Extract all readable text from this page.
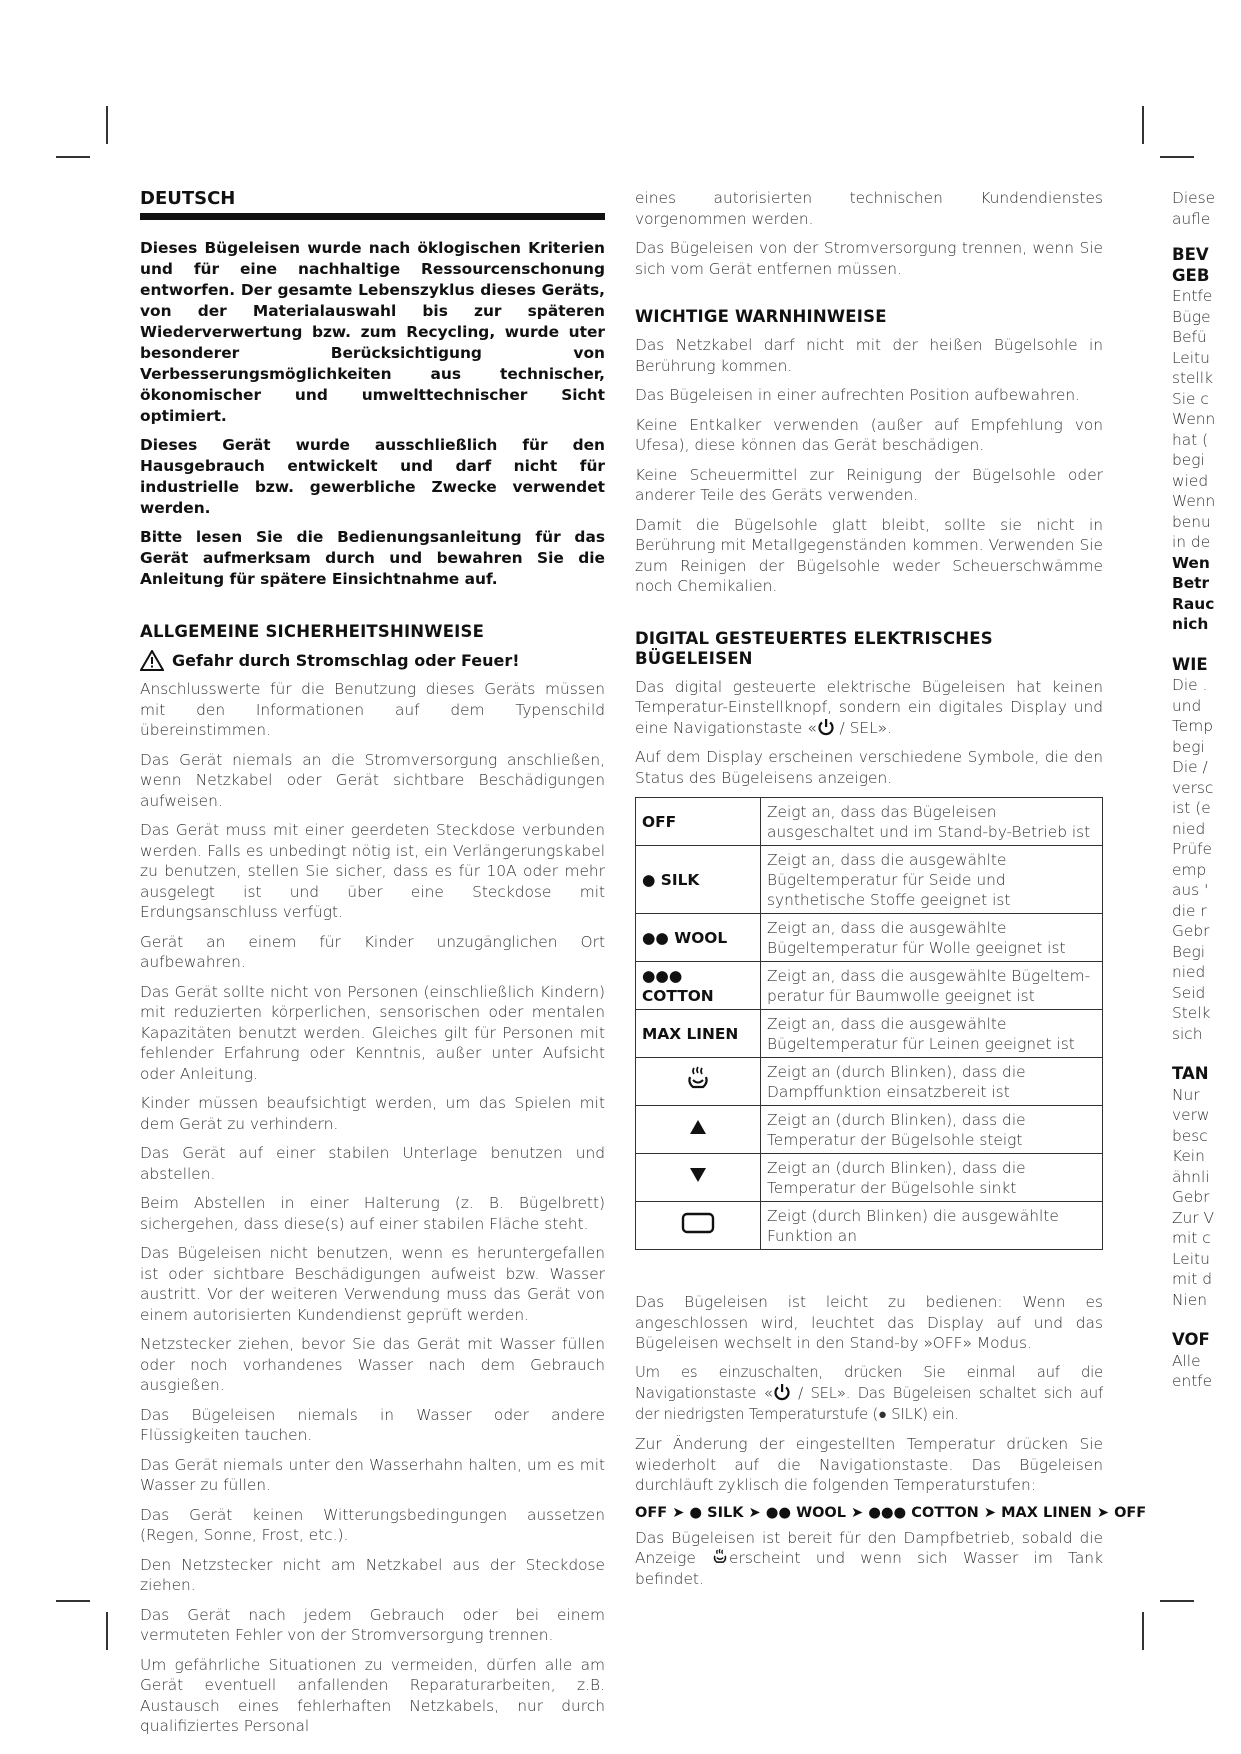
DEUTSCH

Dieses Bügeleisen wurde nach öklogischen Kriterien und für eine nachhaltige Ressourcenschonung entworfen. Der gesamte Lebenszyklus dieses Geräts, von der Materialauswahl bis zur späteren Wiederverwertung bzw. zum Recycling, wurde uter besonderer Berücksichtigung von Verbesserungsmöglichkeiten aus technischer, ökonomischer und umwelttechnischer Sicht optimiert.

Dieses Gerät wurde ausschließlich für den Hausgebrauch entwickelt und darf nicht für industrielle bzw. gewerbliche Zwecke verwendet werden.

Bitte lesen Sie die Bedienungsanleitung für das Gerät aufmerksam durch und bewahren Sie die Anleitung für spätere Einsichtnahme auf.

ALLGEMEINE SICHERHEITSHINWEISE
Gefahr durch Stromschlag oder Feuer!

Anschlusswerte für die Benutzung dieses Geräts müssen mit den Informationen auf dem Typenschild übereinstimmen.

Das Gerät niemals an die Stromversorgung anschließen, wenn Netzkabel oder Gerät sichtbare Beschädigungen aufweisen.

Das Gerät muss mit einer geerdeten Steckdose verbunden werden. Falls es unbedingt nötig ist, ein Verlängerungskabel zu benutzen, stellen Sie sicher, dass es für 10A oder mehr ausgelegt ist und über eine Steckdose mit Erdungsanschluss verfügt.

Gerät an einem für Kinder unzugänglichen Ort aufbewahren.

Das Gerät sollte nicht von Personen (einschließlich Kindern) mit reduzierten körperlichen, sensorischen oder mentalen Kapazitäten benutzt werden. Gleiches gilt für Personen mit fehlender Erfahrung oder Kenntnis, außer unter Aufsicht oder Anleitung.

Kinder müssen beaufsichtigt werden, um das Spielen mit dem Gerät zu verhindern.

Das Gerät auf einer stabilen Unterlage benutzen und abstellen.

Beim Abstellen in einer Halterung (z. B. Bügelbrett) sichergehen, dass diese(s) auf einer stabilen Fläche steht.

Das Bügeleisen nicht benutzen, wenn es heruntergefallen ist oder sichtbare Beschädigungen aufweist bzw. Wasser austritt. Vor der weiteren Verwendung muss das Gerät von einem autorisierten Kundendienst geprüft werden.

Netzstecker ziehen, bevor Sie das Gerät mit Wasser füllen oder noch vorhandenes Wasser nach dem Gebrauch ausgießen.

Das Bügeleisen niemals in Wasser oder andere Flüssigkeiten tauchen.

Das Gerät niemals unter den Wasserhahn halten, um es mit Wasser zu füllen.

Das Gerät keinen Witterungsbedingungen aussetzen (Regen, Sonne, Frost, etc.).

Den Netzstecker nicht am Netzkabel aus der Steckdose ziehen.

Das Gerät nach jedem Gebrauch oder bei einem vermuteten Fehler von der Stromversorgung trennen.

Um gefährliche Situationen zu vermeiden, dürfen alle am Gerät eventuell anfallenden Reparaturarbeiten, z.B. Austausch eines fehlerhaften Netzkabels, nur durch qualifiziertes Personal

eines autorisierten technischen Kundendienstes vorgenommen werden.

Das Bügeleisen von der Stromversorgung trennen, wenn Sie sich vom Gerät entfernen müssen.

WICHTIGE WARNHINWEISE

Das Netzkabel darf nicht mit der heißen Bügelsohle in Berührung kommen.

Das Bügeleisen in einer aufrechten Position aufbewahren.

Keine Entkalker verwenden (außer auf Empfehlung von Ufesa), diese können das Gerät beschädigen.

Keine Scheuermittel zur Reinigung der Bügelsohle oder anderer Teile des Geräts verwenden.

Damit die Bügelsohle glatt bleibt, sollte sie nicht in Berührung mit Metallgegenständen kommen. Verwenden Sie zum Reinigen der Bügelsohle weder Scheuerschwämme noch Chemikalien.

DIGITAL GESTEUERTES ELEKTRISCHES BÜGELEISEN

Das digital gesteuerte elektrische Bügeleisen hat keinen Temperatur-Einstellknopf, sondern ein digitales Display und eine Navigationstaste « / SEL».

Auf dem Display erscheinen verschiedene Symbole, die den Status des Bügeleisens anzeigen.

OFF	Zeigt an, dass das Bügeleisen ausgeschaltet und im Stand-by-Betrieb ist
● SILK	Zeigt an, dass die ausgewählte Bügeltemperatur für Seide und synthetische Stoffe geeignet ist
●● WOOL	Zeigt an, dass die ausgewählte Bügeltemperatur für Wolle geeignet ist
●●● COTTON	Zeigt an, dass die ausgewählte Bügeltem-peratur für Baumwolle geeignet ist
MAX LINEN	Zeigt an, dass die ausgewählte Bügeltemperatur für Leinen geeignet ist
	Zeigt an (durch Blinken), dass die Dampffunktion einsatzbereit ist
	Zeigt an (durch Blinken), dass die Temperatur der Bügelsohle steigt
	Zeigt an (durch Blinken), dass die Temperatur der Bügelsohle sinkt
	Zeigt (durch Blinken) die ausgewählte Funktion an

Das Bügeleisen ist leicht zu bedienen: Wenn es angeschlossen wird, leuchtet das Display auf und das Bügeleisen wechselt in den Stand-by »OFF» Modus.

Um es einzuschalten, drücken Sie einmal auf die Navigationstaste « / SEL». Das Bügeleisen schaltet sich auf der niedrigsten Temperaturstufe (● SILK) ein.

Zur Änderung der eingestellten Temperatur drücken Sie wiederholt auf die Navigationstaste. Das Bügeleisen durchläuft zyklisch die folgenden Temperaturstufen:

OFF ➤ ● SILK ➤ ●● WOOL ➤ ●●● COTTON ➤ MAX LINEN ➤ OFF

Das Bügeleisen ist bereit für den Dampfbetrieb, sobald die Anzeige erscheint und wenn sich Wasser im Tank befindet.

Diese
aufle
BEV
GEB
Entfe
Büge
Befü
Leitu
stellk
Sie c
Wenn
hat (
begi
wied
Wenn
benu
in de
Wen
Betr
Rauc
nich
WIE
Die .
und
Temp
begi
Die /
versc
ist (e
nied
Prüfe
emp
aus '
die r
Gebr
Begi
nied
Seid
Stelk
sich
TAN
Nur
verw
besc
Kein
ähnli
Gebr
Zur V
mit c
Leitu
mit d
Nien
VOF
Alle
entfe
